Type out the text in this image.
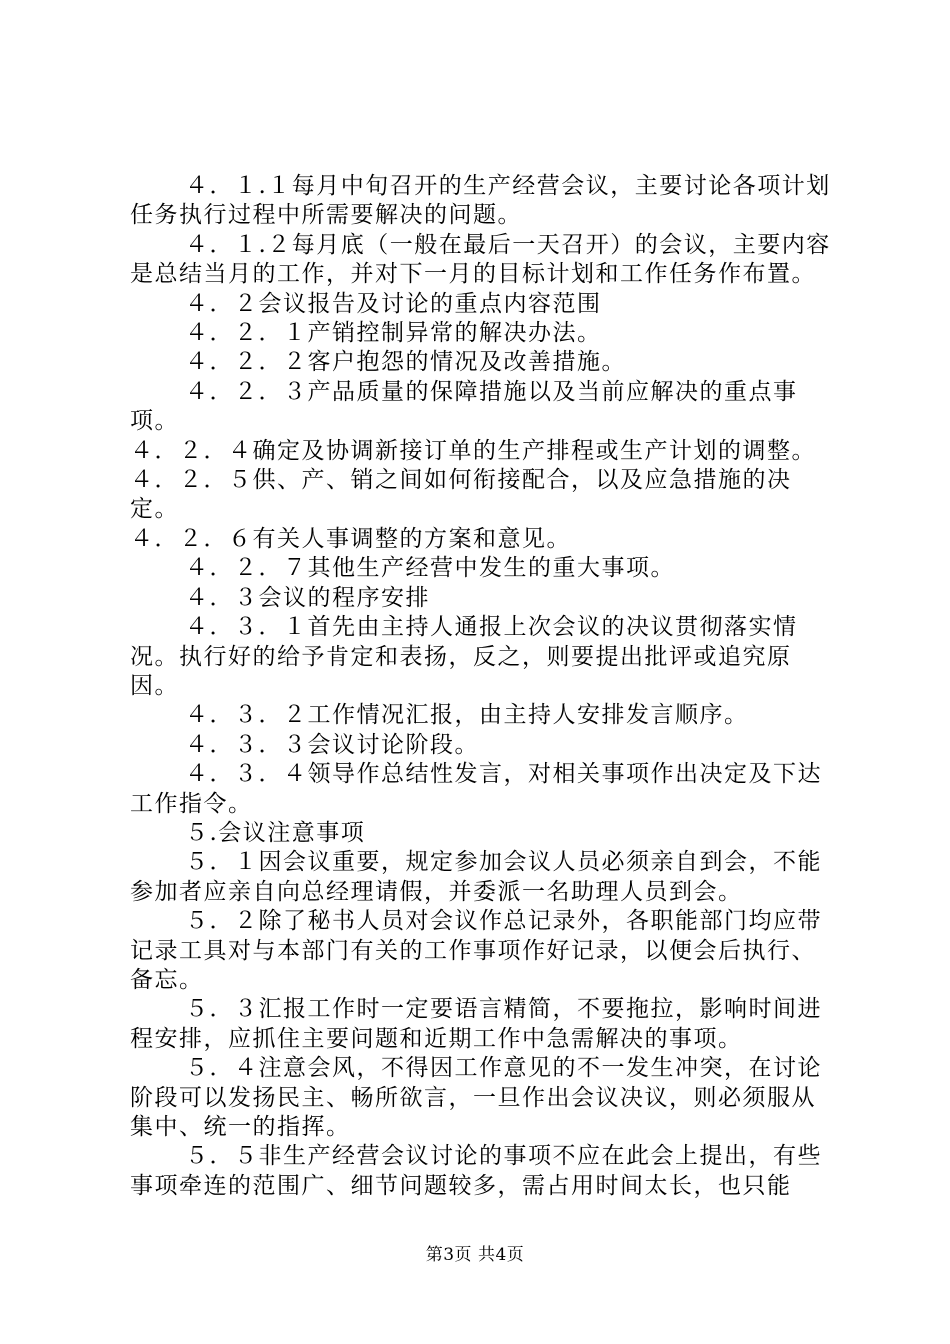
４．１.１每月中旬召开的生产经营会议，主要讨论各项计划任务执行过程中所需要解决的问题。

４．１.２每月底（一般在最后一天召开）的会议，主要内容是总结当月的工作，并对下一月的目标计划和工作任务作布置。

４．２会议报告及讨论的重点内容范围

４．２．１产销控制异常的解决办法。

４．２．２客户抱怨的情况及改善措施。

４．２．３产品质量的保障措施以及当前应解决的重点事项。

４．２．４确定及协调新接订单的生产排程或生产计划的调整。

４．２．５供、产、销之间如何衔接配合，以及应急措施的决定。

４．２．６有关人事调整的方案和意见。

４．２．７其他生产经营中发生的重大事项。

４．３会议的程序安排

４．３．１首先由主持人通报上次会议的决议贯彻落实情况。执行好的给予肯定和表扬，反之，则要提出批评或追究原因。

４．３．２工作情况汇报，由主持人安排发言顺序。

４．３．３会议讨论阶段。

４．３．４领导作总结性发言，对相关事项作出决定及下达工作指令。

５.会议注意事项

５．１因会议重要，规定参加会议人员必须亲自到会，不能参加者应亲自向总经理请假，并委派一名助理人员到会。

５．２除了秘书人员对会议作总记录外，各职能部门均应带记录工具对与本部门有关的工作事项作好记录，以便会后执行、备忘。

５．３汇报工作时一定要语言精简，不要拖拉，影响时间进程安排，应抓住主要问题和近期工作中急需解决的事项。

５．４注意会风，不得因工作意见的不一发生冲突，在讨论阶段可以发扬民主、畅所欲言，一旦作出会议决议，则必须服从集中、统一的指挥。

５．５非生产经营会议讨论的事项不应在此会上提出，有些事项牵连的范围广、细节问题较多，需占用时间太长，也只能

第3页 共4页
